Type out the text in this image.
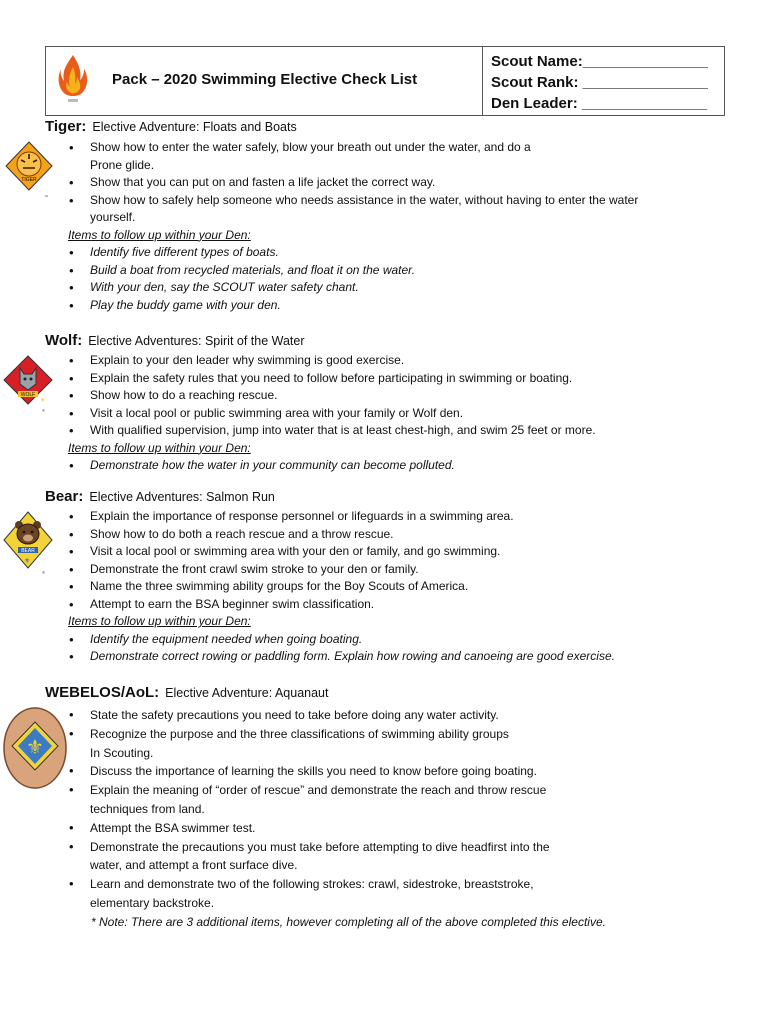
Pack – 2020 Swimming Elective Check List
Scout Name:_______________
Scout Rank: _______________
Den Leader: _______________
TIGER
™
Tiger: Elective Adventure: Floats and Boats
• Show how to enter the water safely, blow your breath out under the water, and do a
Prone glide.
• Show that you can put on and fasten a life jacket the correct way.
• Show how to safely help someone who needs assistance in the water, without having to enter the water
yourself.
Items to follow up within your Den:
• Identify five different types of boats.
• Build a boat from recycled materials, and float it on the water.
• With your den, say the SCOUT water safety chant.
• Play the buddy game with your den.
WOLF
⚜
®
Wolf: Elective Adventures: Spirit of the Water
• Explain to your den leader why swimming is good exercise.
• Explain the safety rules that you need to follow before participating in swimming or boating.
• Show how to do a reaching rescue.
• Visit a local pool or public swimming area with your family or Wolf den.
• With qualified supervision, jump into water that is at least chest-high, and swim 25 feet or more.
Items to follow up within your Den:
• Demonstrate how the water in your community can become polluted.
BEAR
⚜
®
Bear: Elective Adventures: Salmon Run
• Explain the importance of response personnel or lifeguards in a swimming area.
• Show how to do both a reach rescue and a throw rescue.
• Visit a local pool or swimming area with your den or family, and go swimming.
• Demonstrate the front crawl swim stroke to your den or family.
• Name the three swimming ability groups for the Boy Scouts of America.
• Attempt to earn the BSA beginner swim classification.
Items to follow up within your Den:
• Identify the equipment needed when going boating.
• Demonstrate correct rowing or paddling form. Explain how rowing and canoeing are good exercise.
⚜
WEBELOS/AoL: Elective Adventure: Aquanaut
• State the safety precautions you need to take before doing any water activity.
• Recognize the purpose and the three classifications of swimming ability groups
In Scouting.
• Discuss the importance of learning the skills you need to know before going boating.
• Explain the meaning of “order of rescue” and demonstrate the reach and throw rescue
techniques from land.
• Attempt the BSA swimmer test.
• Demonstrate the precautions you must take before attempting to dive headfirst into the
water, and attempt a front surface dive.
• Learn and demonstrate two of the following strokes: crawl, sidestroke, breaststroke,
elementary backstroke.
* Note: There are 3 additional items, however completing all of the above completed this elective.
